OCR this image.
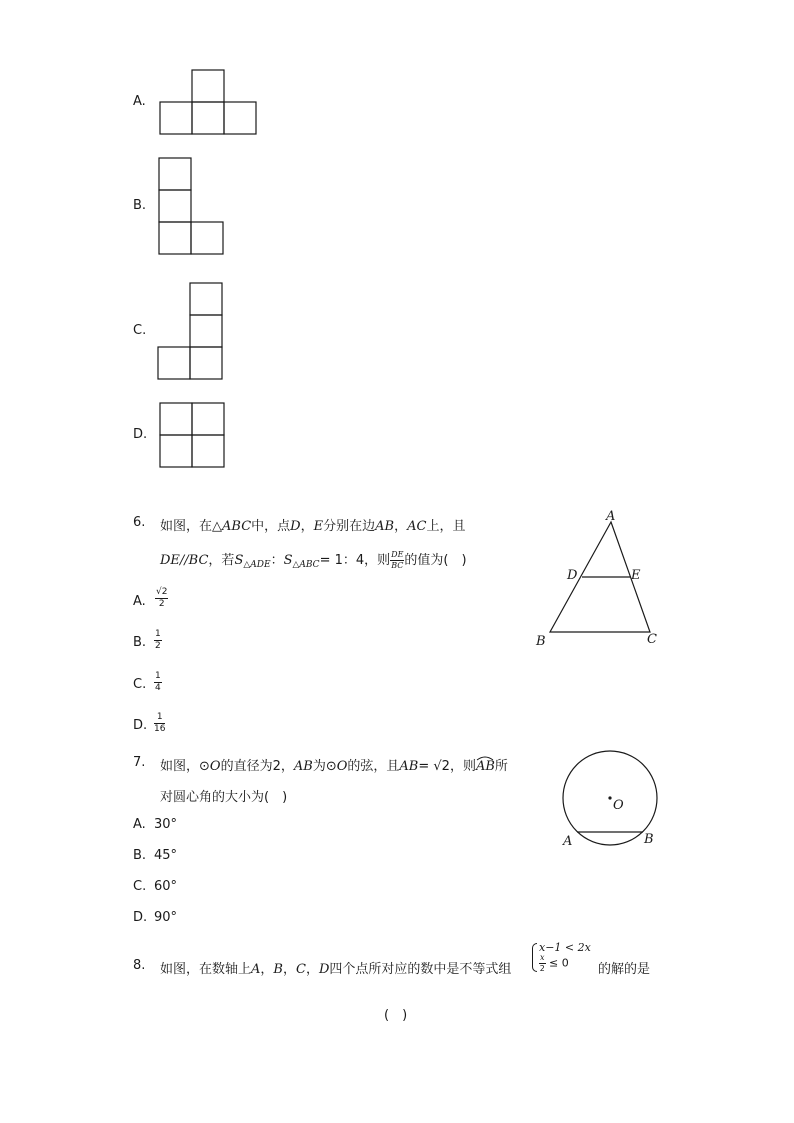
A.
B.
C.
D.
6. 如图，在△ABC中，点D，E分别在边AB，AC上，且
DE//BC，若$S_{\triangle ADE}$：$S_{\triangle ABC}= 1$：4，则 $\frac{DE}{BC}$ 的值为(　)
A. $\frac{√2}{2}$
B. $\frac{1}{2}$
C. $\frac{1}{4}$
D. $\frac{1}{16}$
A
D	E
B	C
7. 如图，⊙O的直径为2，AB为⊙O的弦，且AB= √2，则AB
所
对圆心角的大小为(　)
A. 30°
B. 45°
C. 60°
D. 90°
O
A	B
8. 如图，在数轴上A，B，C，D四个点所对应的数中是不等式组
x−1 < 2x
$\frac{x}{2} \le 0$	的解的是
(　)
